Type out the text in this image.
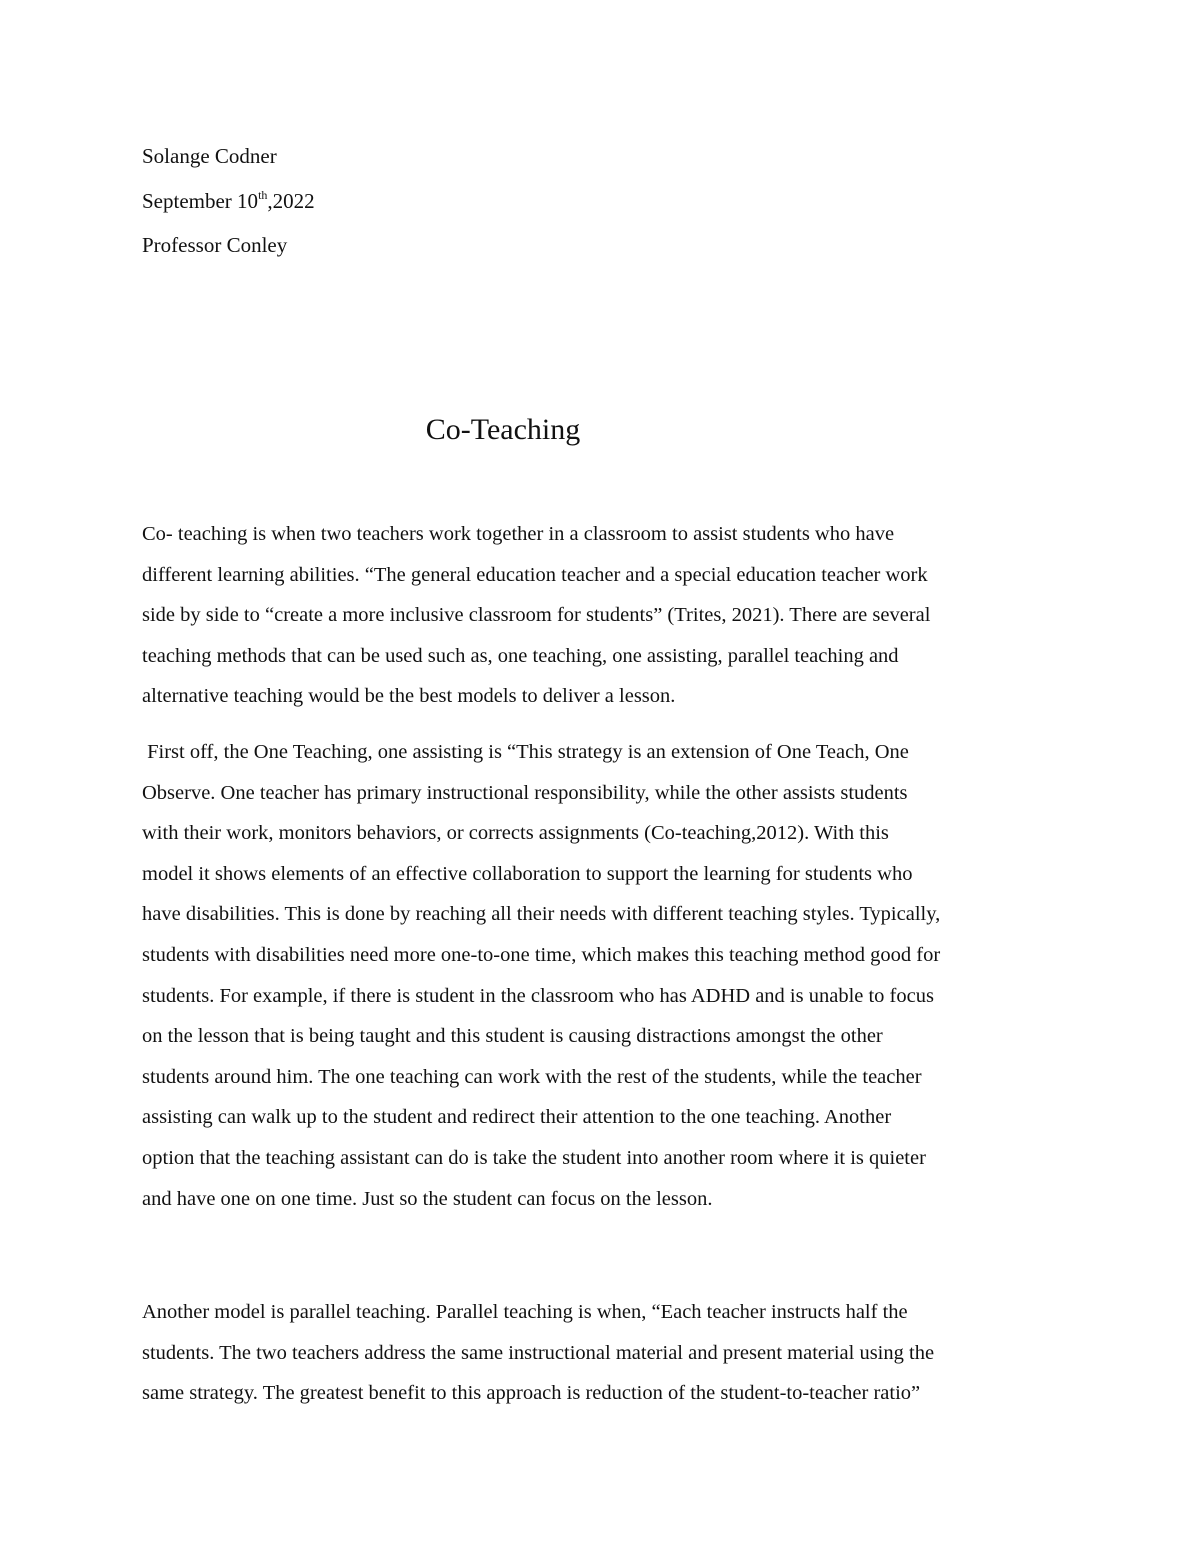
Solange Codner
September 10th,2022
Professor Conley
Co-Teaching
Co- teaching is when two teachers work together in a classroom to assist students who have
different learning abilities. “The general education teacher and a special education teacher work
side by side to “create a more inclusive classroom for students” (Trites, 2021). There are several
teaching methods that can be used such as, one teaching, one assisting, parallel teaching and
alternative teaching would be the best models to deliver a lesson.
First off, the One Teaching, one assisting is “This strategy is an extension of One Teach, One
Observe. One teacher has primary instructional responsibility, while the other assists students
with their work, monitors behaviors, or corrects assignments (Co-teaching,2012). With this
model it shows elements of an effective collaboration to support the learning for students who
have disabilities. This is done by reaching all their needs with different teaching styles. Typically,
students with disabilities need more one-to-one time, which makes this teaching method good for
students. For example, if there is student in the classroom who has ADHD and is unable to focus
on the lesson that is being taught and this student is causing distractions amongst the other
students around him. The one teaching can work with the rest of the students, while the teacher
assisting can walk up to the student and redirect their attention to the one teaching. Another
option that the teaching assistant can do is take the student into another room where it is quieter
and have one on one time. Just so the student can focus on the lesson.
Another model is parallel teaching. Parallel teaching is when, “Each teacher instructs half the
students. The two teachers address the same instructional material and present material using the
same strategy. The greatest benefit to this approach is reduction of the student-to-teacher ratio”
